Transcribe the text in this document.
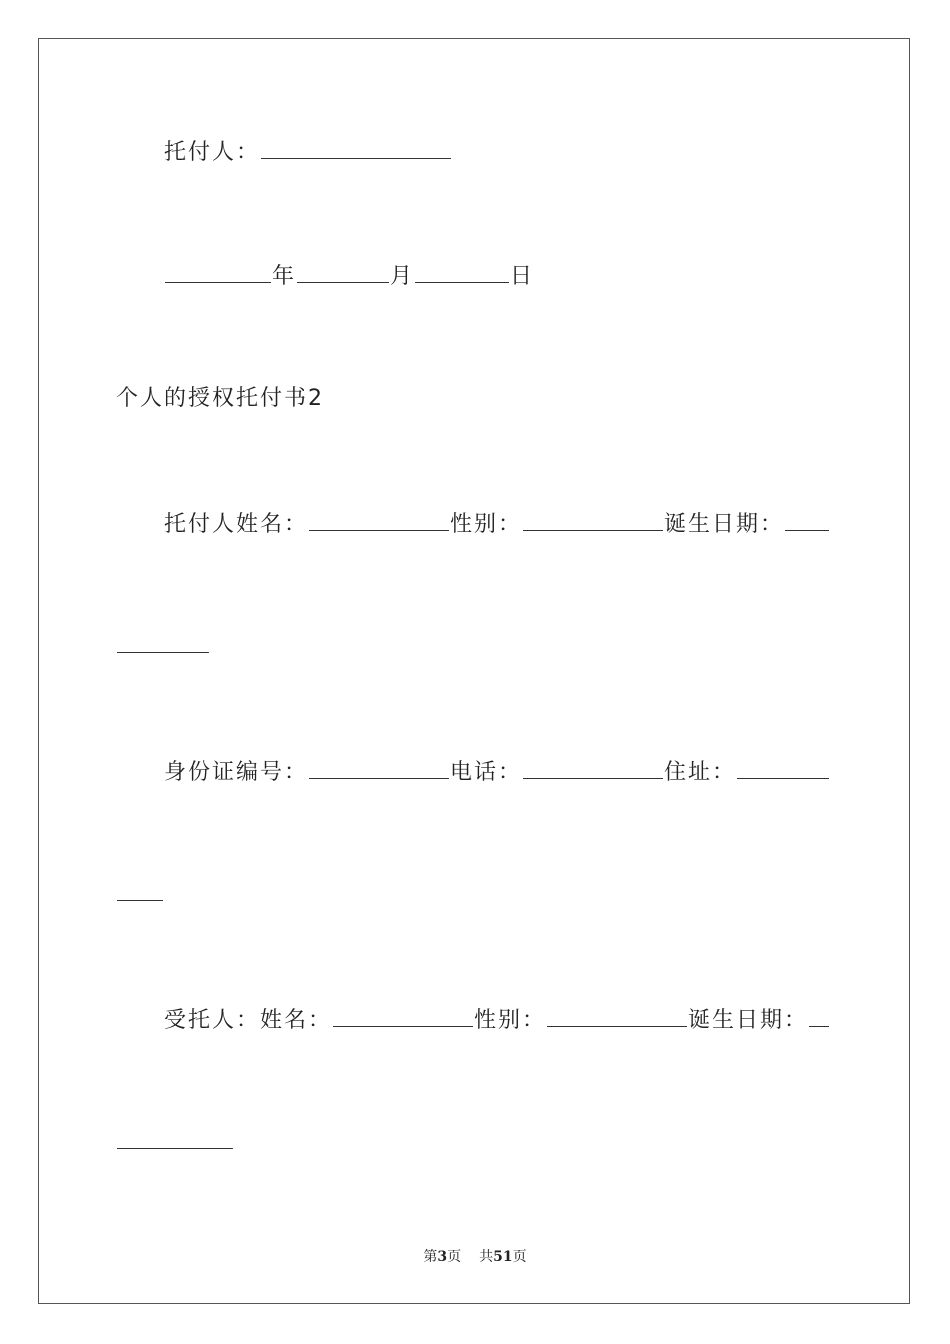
托付人：
年	月	日
个人的授权托付书2
托付人姓名：	性别：	诞生日期：
身份证编号：	电话：	住址：
受托人：姓名：	性别：	诞生日期：
第3页 共51页
